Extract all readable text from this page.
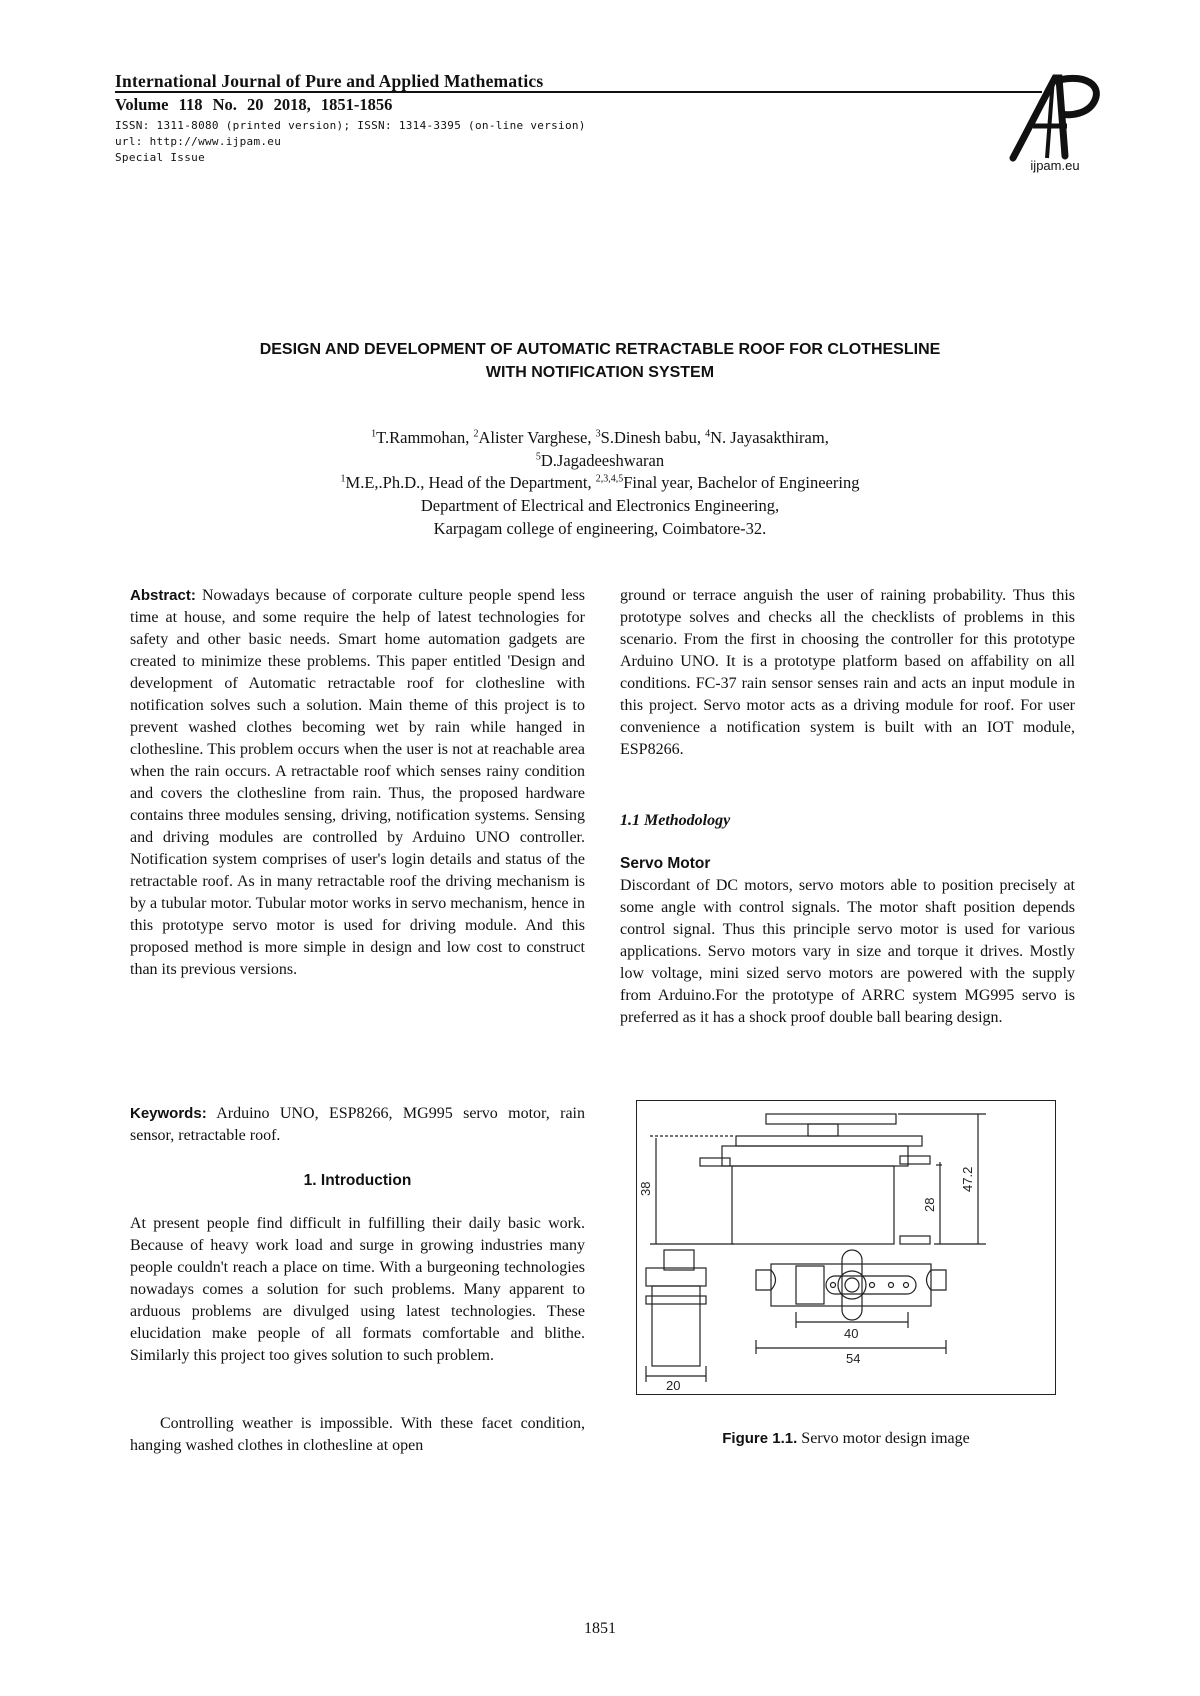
International Journal of Pure and Applied Mathematics
Volume 118 No. 20 2018, 1851-1856
ISSN: 1311-8080 (printed version); ISSN: 1314-3395 (on-line version)
url: http://www.ijpam.eu
Special Issue
ijpam.eu
DESIGN AND DEVELOPMENT OF AUTOMATIC RETRACTABLE ROOF FOR CLOTHESLINE
WITH NOTIFICATION SYSTEM
$^1$T.Rammohan, $^2$Alister Varghese, $^3$S.Dinesh babu, $^4$N. Jayasakthiram,
$^5$D.Jagadeeshwaran
$^1$M.E,.Ph.D., Head of the Department, $^{2,3,4,5}$Final year, Bachelor of Engineering
Department of Electrical and Electronics Engineering,
Karpagam college of engineering, Coimbatore-32.

Abstract: Nowadays because of corporate culture people spend less time at house, and some require the help of latest technologies for safety and other basic needs. Smart home automation gadgets are created to minimize these problems. This paper entitled 'Design and development of Automatic retractable roof for clothesline with notification solves such a solution. Main theme of this project is to prevent washed clothes becoming wet by rain while hanged in clothesline. This problem occurs when the user is not at reachable area when the rain occurs. A retractable roof which senses rainy condition and covers the clothesline from rain. Thus, the proposed hardware contains three modules sensing, driving, notification systems. Sensing and driving modules are controlled by Arduino UNO controller. Notification system comprises of user's login details and status of the retractable roof. As in many retractable roof the driving mechanism is by a tubular motor. Tubular motor works in servo mechanism, hence in this prototype servo motor is used for driving module. And this proposed method is more simple in design and low cost to construct than its previous versions.

Keywords: Arduino UNO, ESP8266, MG995 servo motor, rain sensor, retractable roof.

1. Introduction

At present people find difficult in fulfilling their daily basic work. Because of heavy work load and surge in growing industries many people couldn't reach a place on time. With a burgeoning technologies nowadays comes a solution for such problems. Many apparent to arduous problems are divulged using latest technologies. These elucidation make people of all formats comfortable and blithe. Similarly this project too gives solution to such problem.

Controlling weather is impossible. With these facet condition, hanging washed clothes in clothesline at open

ground or terrace anguish the user of raining probability. Thus this prototype solves and checks all the checklists of problems in this scenario. From the first in choosing the controller for this prototype Arduino UNO. It is a prototype platform based on affability on all conditions. FC-37 rain sensor senses rain and acts an input module in this project. Servo motor acts as a driving module for roof. For user convenience a notification system is built with an IOT module, ESP8266.

1.1 Methodology
Servo Motor

Discordant of DC motors, servo motors able to position precisely at some angle with control signals. The motor shaft position depends control signal. Thus this principle servo motor is used for various applications. Servo motors vary in size and torque it drives. Mostly low voltage, mini sized servo motors are powered with the supply from Arduino.For the prototype of ARRC system MG995 servo is preferred as it has a shock proof double ball bearing design.

38
28
47.2
20
40
54
Figure 1.1. Servo motor design image
1851
